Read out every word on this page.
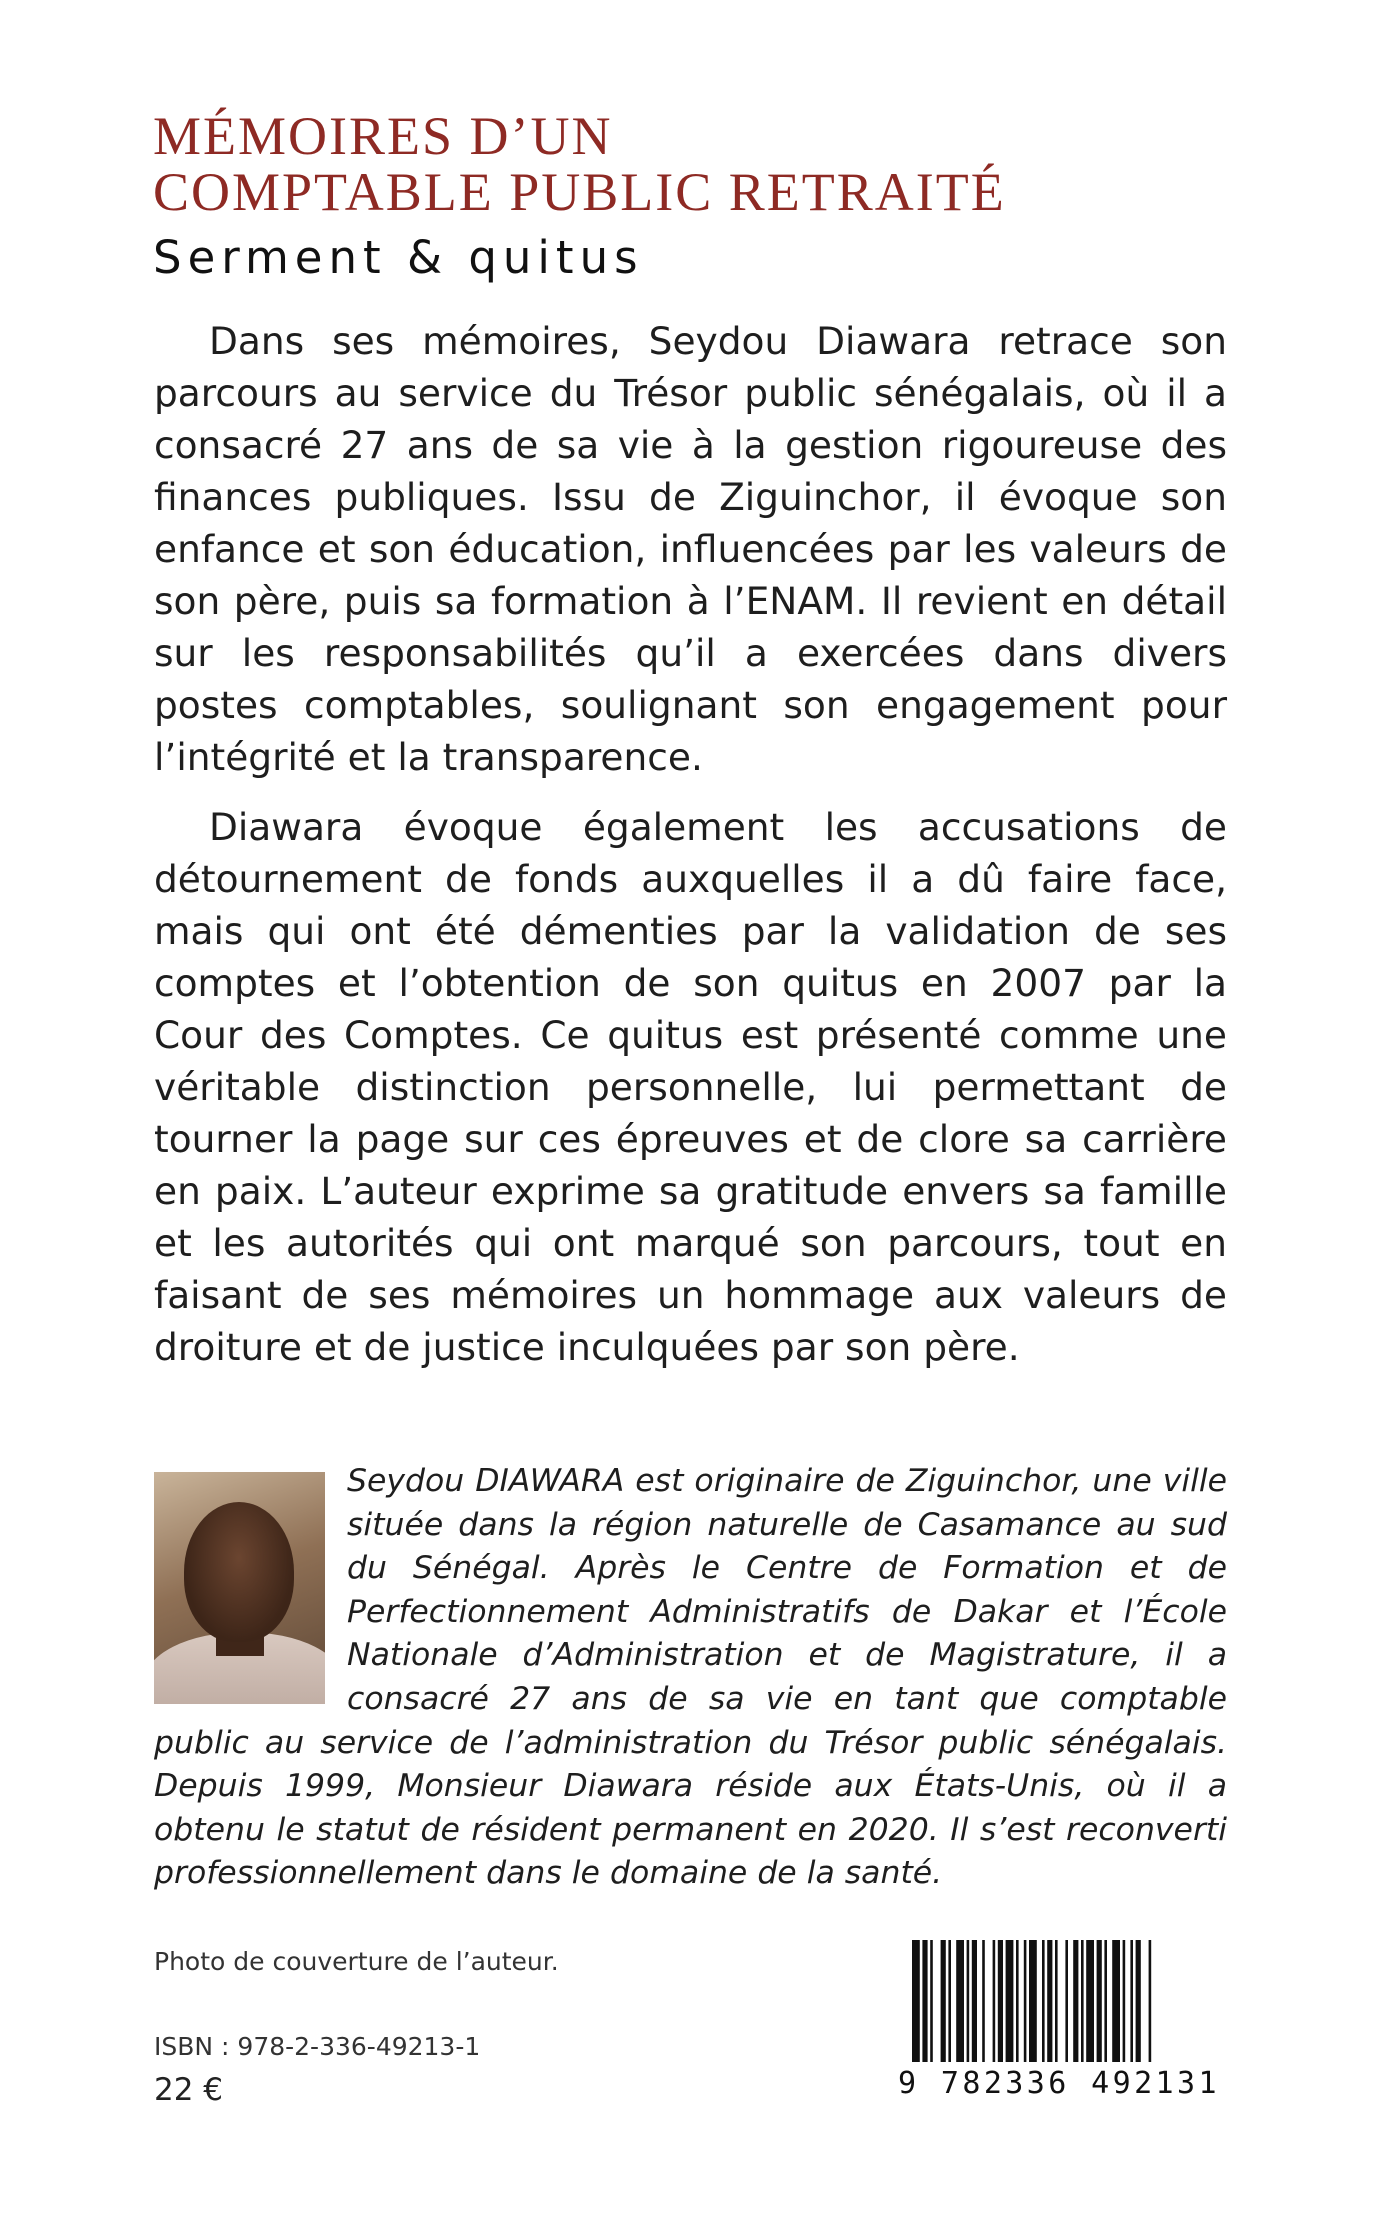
MÉMOIRES D’UN
COMPTABLE PUBLIC RETRAITÉ
Serment & quitus

Dans ses mémoires, Seydou Diawara retrace son parcours au service du Trésor public sénégalais, où il a consacré 27 ans de sa vie à la gestion rigoureuse des finances publiques. Issu de Ziguinchor, il évoque son enfance et son éducation, influencées par les valeurs de son père, puis sa formation à l’ENAM. Il revient en détail sur les responsabilités qu’il a exercées dans divers postes comptables, soulignant son engagement pour l’intégrité et la transparence.

Diawara évoque également les accusations de détournement de fonds auxquelles il a dû faire face, mais qui ont été démenties par la validation de ses comptes et l’obtention de son quitus en 2007 par la Cour des Comptes. Ce quitus est présenté comme une véritable distinction personnelle, lui permettant de tourner la page sur ces épreuves et de clore sa carrière en paix. L’auteur exprime sa gratitude envers sa famille et les autorités qui ont marqué son parcours, tout en faisant de ses mémoires un hommage aux valeurs de droiture et de justice inculquées par son père.

Seydou DIAWARA est originaire de Ziguinchor, une ville située dans la région naturelle de Casamance au sud du Sénégal. Après le Centre de Formation et de Perfectionnement Administratifs de Dakar et l’École Nationale d’Administration et de Magistrature, il a consacré 27 ans de sa vie en tant que comptable public au service de l’administration du Trésor public sénégalais. Depuis 1999, Monsieur Diawara réside aux États-Unis, où il a obtenu le statut de résident permanent en 2020. Il s’est reconverti professionnellement dans le domaine de la santé.

Photo de couverture de l’auteur.
ISBN : 978-2-336-49213-1
22 €	9 782336 492131
